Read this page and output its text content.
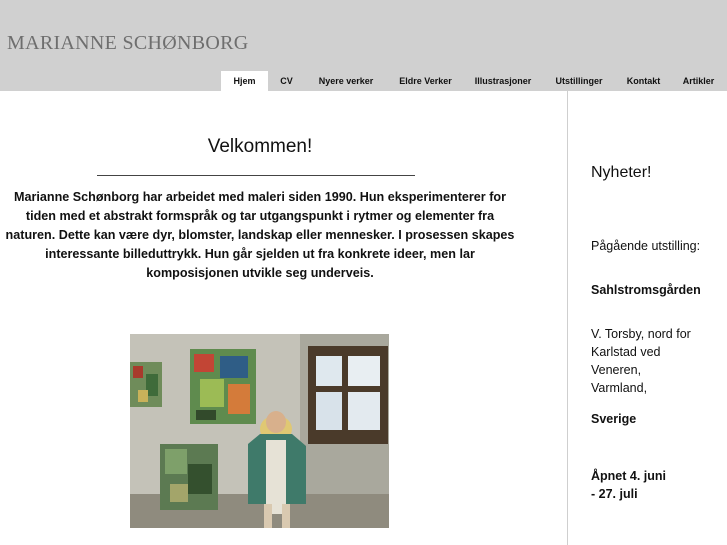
MARIANNE SCHØNBORG
Hjem	CV	Nyere verker	Eldre Verker	Illustrasjoner	Utstillinger	Kontakt	Artikler
Velkommen!
Marianne Schønborg har arbeidet med maleri siden 1990. Hun eksperimenterer for tiden med et abstrakt formspråk og tar utgangspunkt i rytmer og elementer fra naturen. Dette kan være dyr, blomster, landskap eller mennesker. I prosessen skapes interessante billeduttrykk. Hun går sjelden ut fra konkrete ideer, men lar komposisjonen utvikle seg underveis.
Nyheter!
Pågående utstilling:
Sahlstromsgården
V. Torsby, nord for
Karlstad ved
Veneren,
Varmland,
Sverige
Åpnet 4. juni
- 27. juli
